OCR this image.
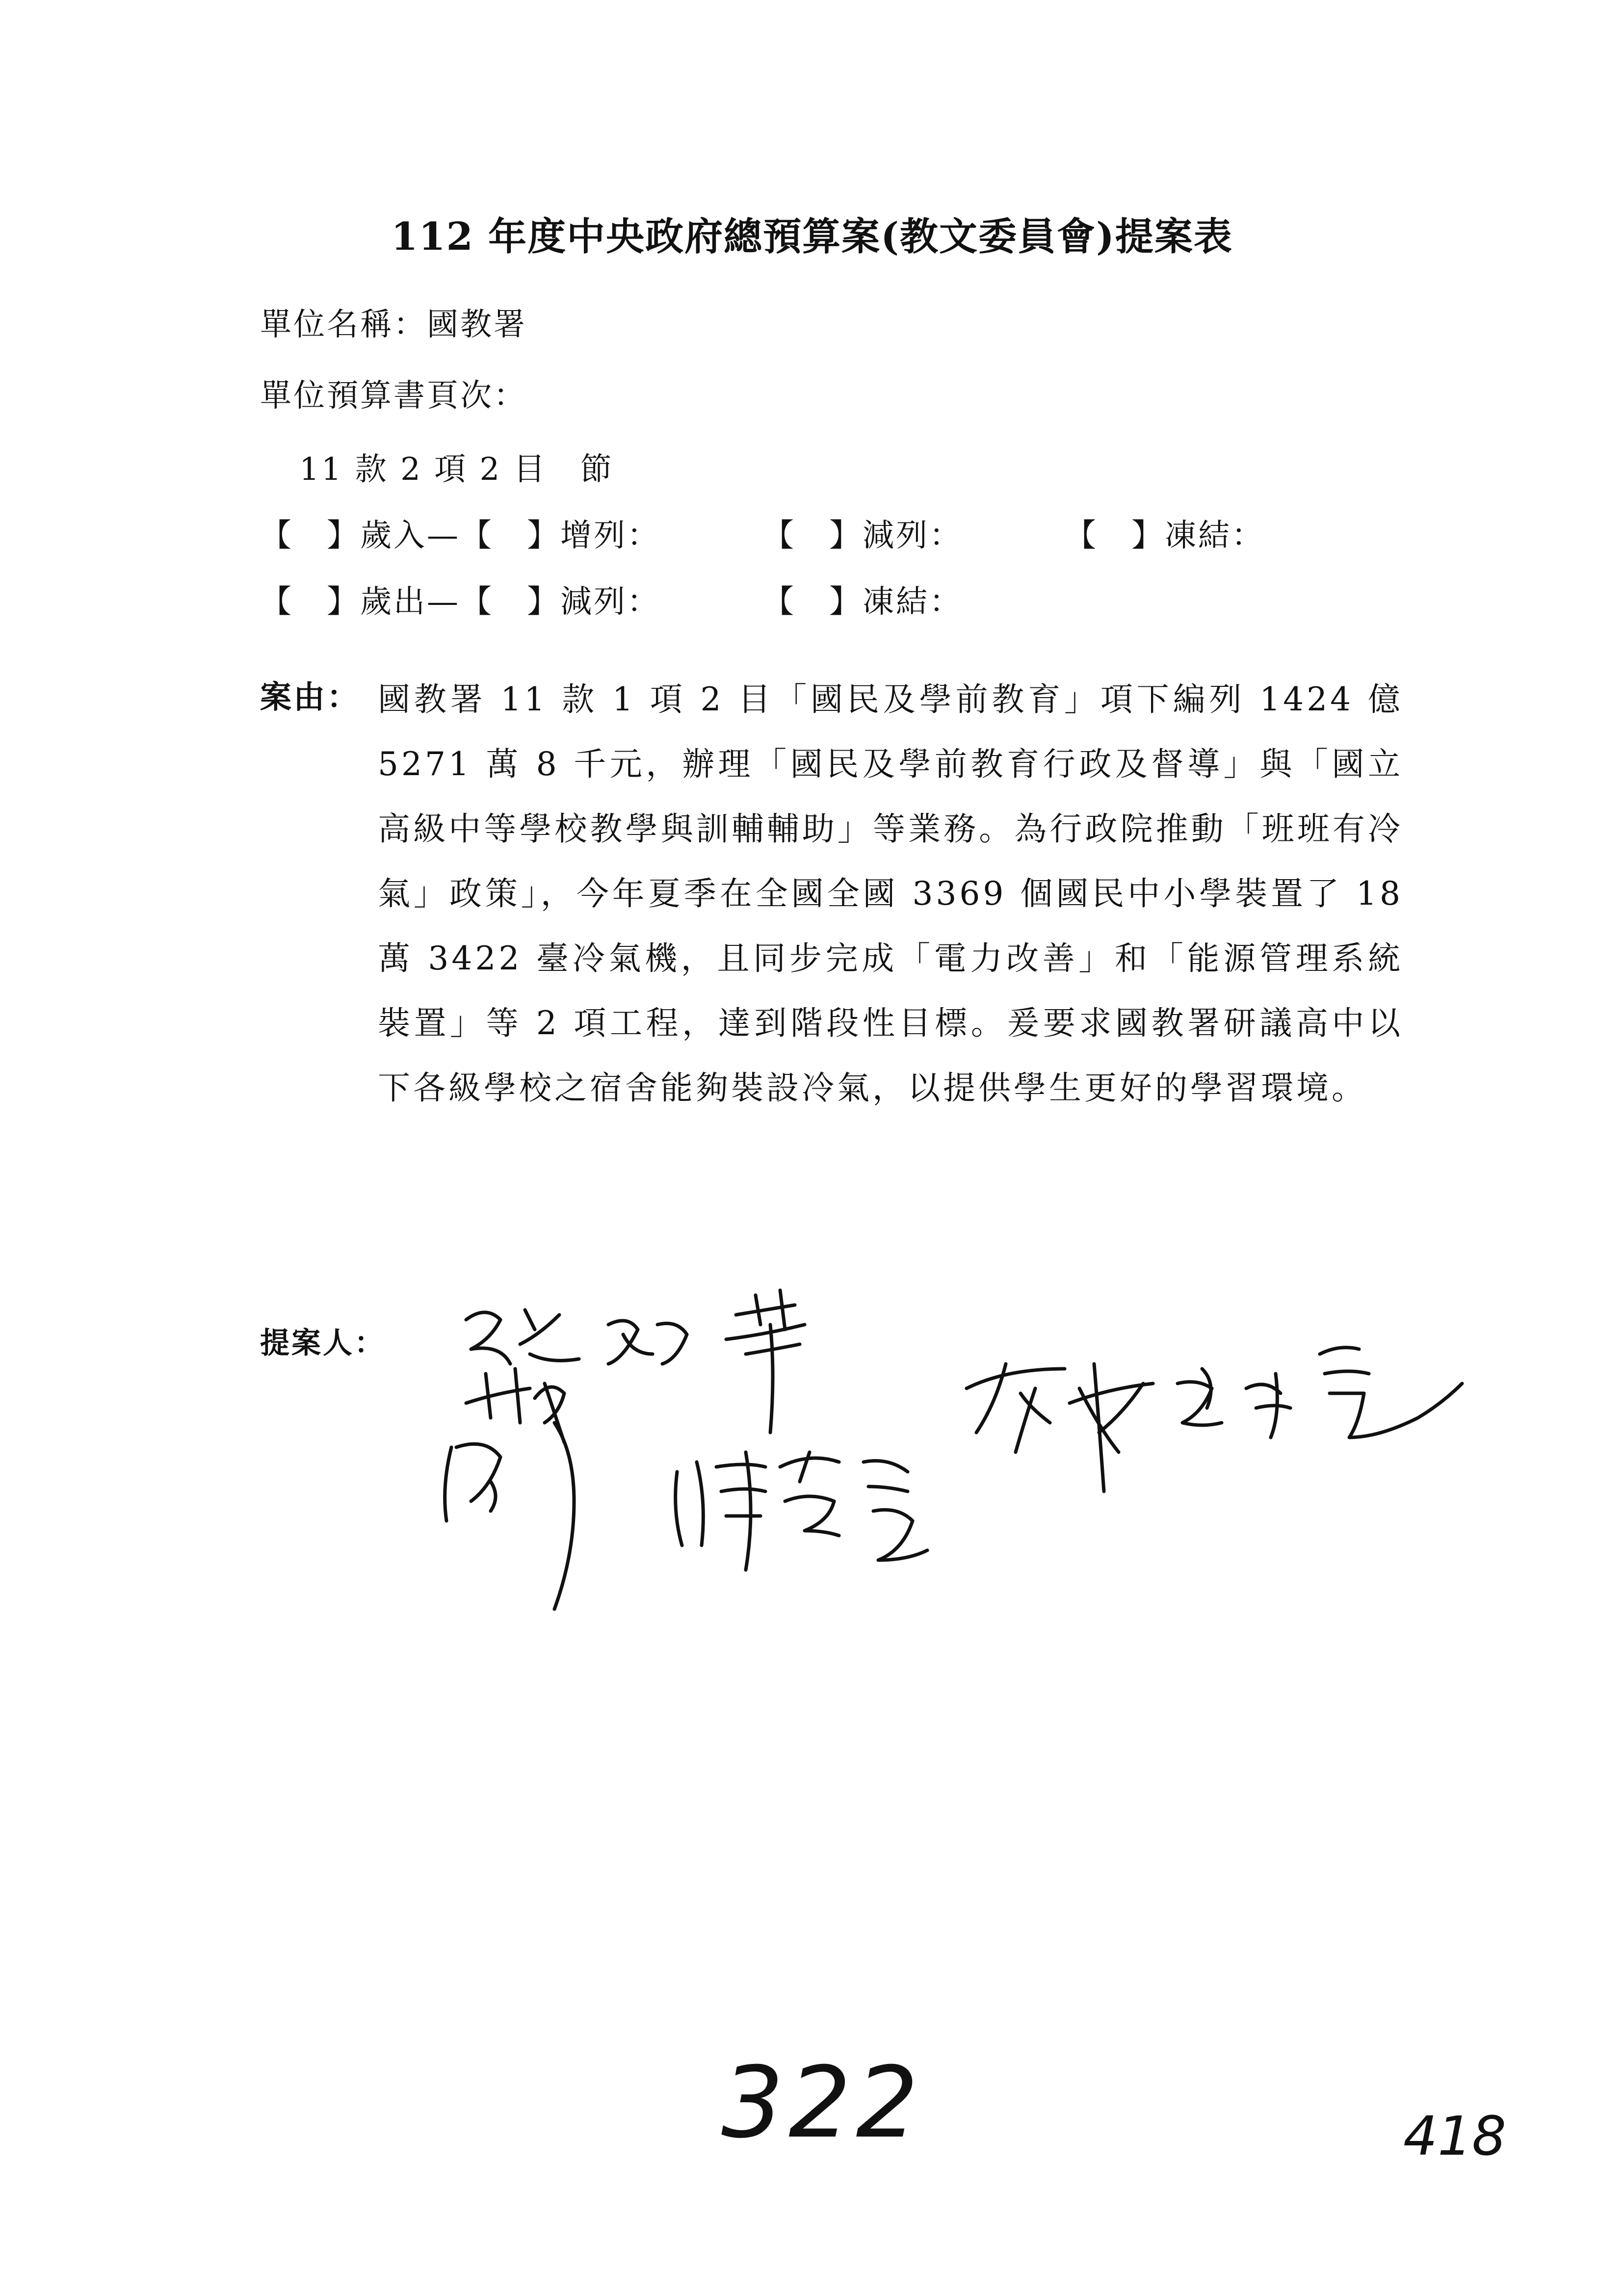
112 年度中央政府總預算案(教文委員會)提案表
單位名稱：國教署
單位預算書頁次：
11 款 2 項 2 目　節
【　】歲入—【　】增列：　　　　【　】減列：　　　　【　】凍結：
【　】歲出—【　】減列：　　　　【　】凍結：
案由： 國教署 11 款 1 項 2 目「國民及學前教育」項下編列 1424 億 5271 萬 8 千元，辦理「國民及學前教育行政及督導」與「國立高級中等學校教學與訓輔輔助」等業務。為行政院推動「班班有冷氣」政策」，今年夏季在全國全國 3369 個國民中小學裝置了 18 萬 3422 臺冷氣機，且同步完成「電力改善」和「能源管理系統裝置」等 2 項工程，達到階段性目標。爰要求國教署研議高中以下各級學校之宿舍能夠裝設冷氣，以提供學生更好的學習環境。
提案人：
322	418
